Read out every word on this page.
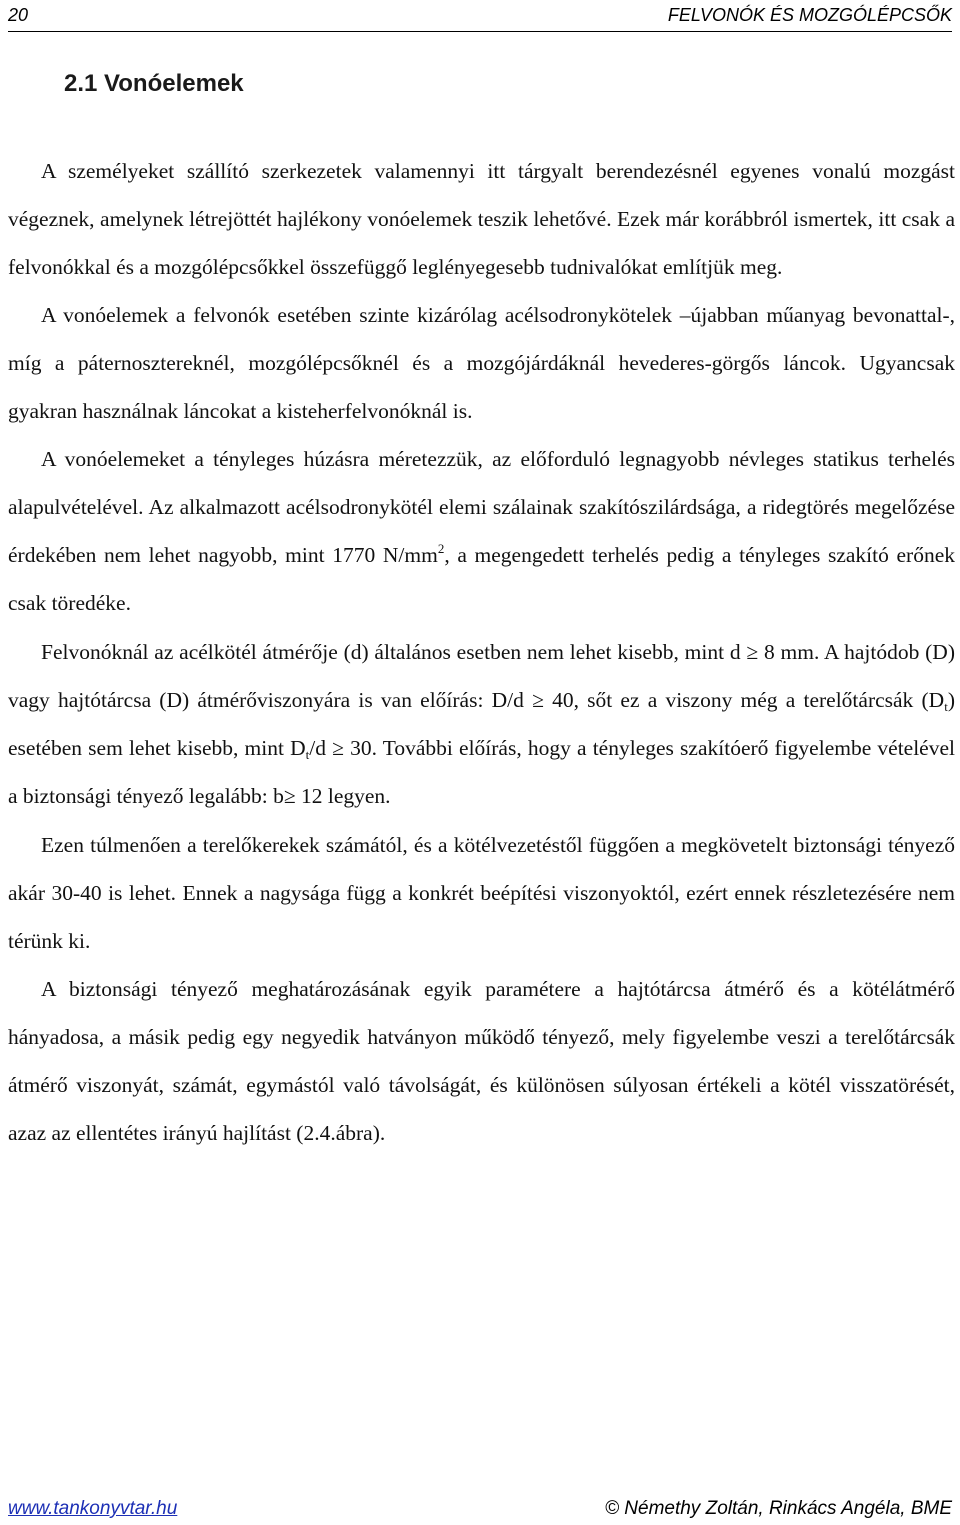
20	FELVONÓK ÉS MOZGÓLÉPCSŐK
2.1 Vonóelemek

A személyeket szállító szerkezetek valamennyi itt tárgyalt berendezésnél egyenes vonalú mozgást végeznek, amelynek létrejöttét hajlékony vonóelemek teszik lehetővé. Ezek már korábbról ismertek, itt csak a felvonókkal és a mozgólépcsőkkel összefüggő leglényegesebb tudnivalókat említjük meg.

A vonóelemek a felvonók esetében szinte kizárólag acélsodronykötelek –újabban műanyag bevonattal-, míg a páternosztereknél, mozgólépcsőknél és a mozgójárdáknál hevederes-görgős láncok. Ugyancsak gyakran használnak láncokat a kisteherfelvonóknál is.

A vonóelemeket a tényleges húzásra méretezzük, az előforduló legnagyobb névleges statikus terhelés alapulvételével. Az alkalmazott acélsodronykötél elemi szálainak szakítószilárdsága, a ridegtörés megelőzése érdekében nem lehet nagyobb, mint 1770 $N/mm^2$, a megengedett terhelés pedig a tényleges szakító erőnek csak töredéke.

Felvonóknál az acélkötél átmérője (d) általános esetben nem lehet kisebb, mint d ≥ 8 mm. A hajtódob (D) vagy hajtótárcsa (D) átmérőviszonyára is van előírás: D/d ≥ 40, sőt ez a viszony még a terelőtárcsák $(D_t)$ esetében sem lehet kisebb, mint $D_t/d \ge 30$. További előírás, hogy a tényleges szakítóerő figyelembe vételével a biztonsági tényező legalább: b≥ 12 legyen.

Ezen túlmenően a terelőkerekek számától, és a kötélvezetéstől függően a megkövetelt biztonsági tényező akár 30-40 is lehet. Ennek a nagysága függ a konkrét beépítési viszonyoktól, ezért ennek részletezésére nem térünk ki.

A biztonsági tényező meghatározásának egyik paramétere a hajtótárcsa átmérő és a kötélátmérő hányadosa, a másik pedig egy negyedik hatványon működő tényező, mely figyelembe veszi a terelőtárcsák átmérő viszonyát, számát, egymástól való távolságát, és különösen súlyosan értékeli a kötél visszatörését, azaz az ellentétes irányú hajlítást (2.4.ábra).

www.tankonyvtar.hu	© Némethy Zoltán, Rinkács Angéla, BME
